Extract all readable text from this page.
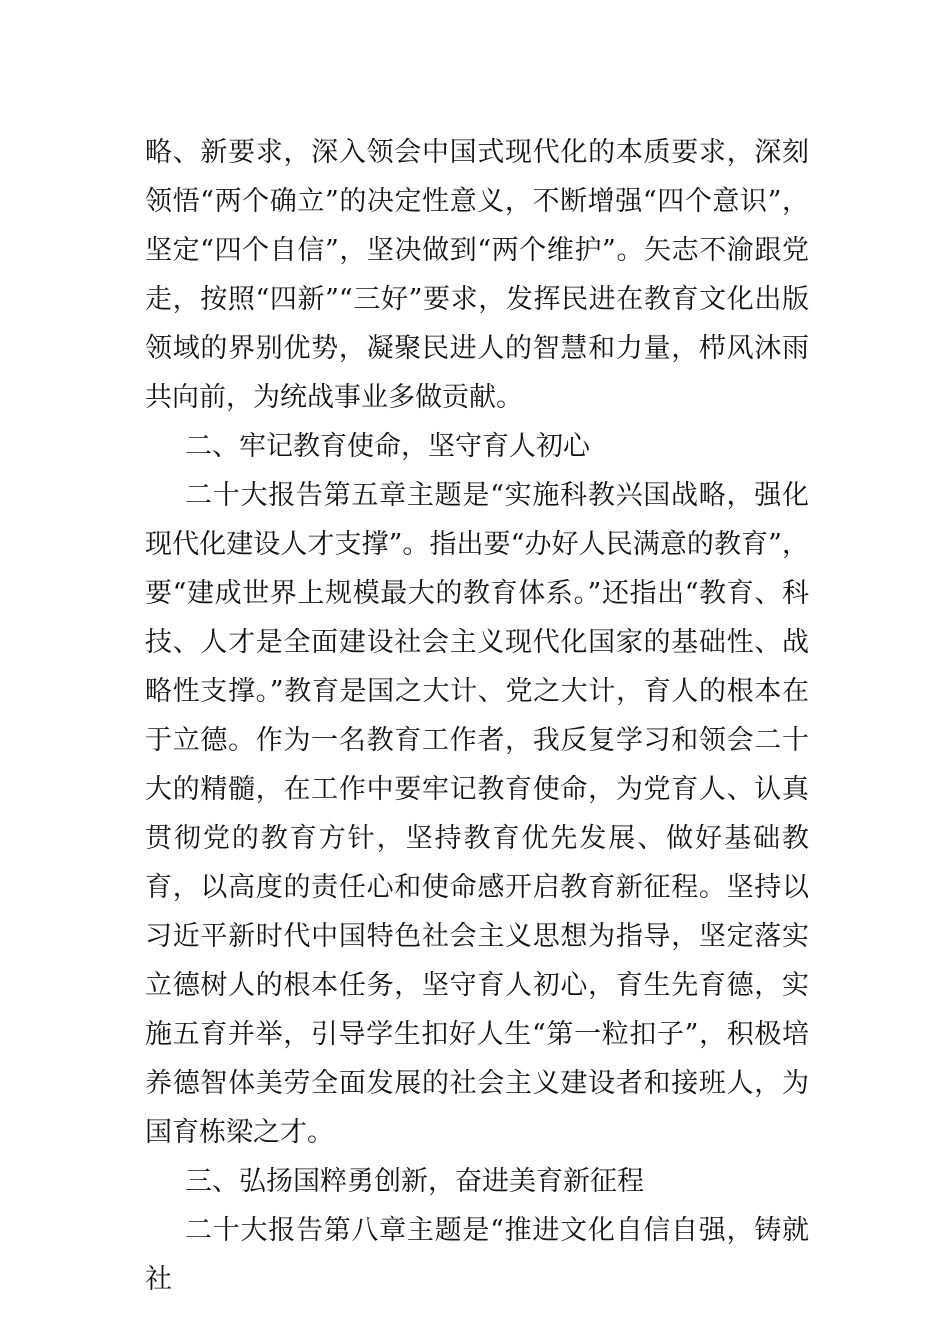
略、新要求，深入领会中国式现代化的本质要求，深刻领悟“两个确立”的决定性意义，不断增强“四个意识”，坚定“四个自信”，坚决做到“两个维护”。矢志不渝跟党走，按照“四新”“三好”要求，发挥民进在教育文化出版领域的界别优势，凝聚民进人的智慧和力量，栉风沐雨共向前，为统战事业多做贡献。

二、牢记教育使命，坚守育人初心

二十大报告第五章主题是“实施科教兴国战略，强化现代化建设人才支撑”。指出要“办好人民满意的教育”，要“建成世界上规模最大的教育体系。”还指出“教育、科技、人才是全面建设社会主义现代化国家的基础性、战略性支撑。”教育是国之大计、党之大计，育人的根本在于立德。作为一名教育工作者，我反复学习和领会二十大的精髓，在工作中要牢记教育使命，为党育人、认真贯彻党的教育方针，坚持教育优先发展、做好基础教育，以高度的责任心和使命感开启教育新征程。坚持以习近平新时代中国特色社会主义思想为指导，坚定落实立德树人的根本任务，坚守育人初心，育生先育德，实施五育并举，引导学生扣好人生“第一粒扣子”，积极培养德智体美劳全面发展的社会主义建设者和接班人，为国育栋梁之才。

三、弘扬国粹勇创新，奋进美育新征程

二十大报告第八章主题是“推进文化自信自强，铸就社
